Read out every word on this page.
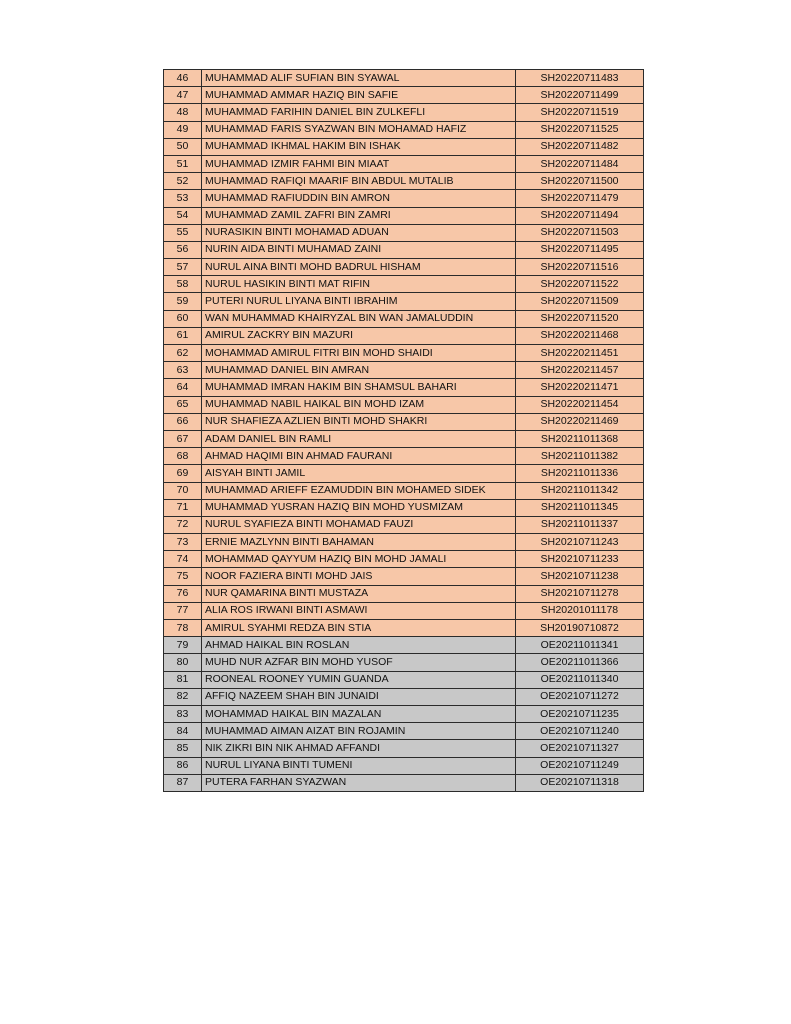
46	MUHAMMAD ALIF SUFIAN BIN SYAWAL	SH20220711483
47	MUHAMMAD AMMAR HAZIQ BIN SAFIE	SH20220711499
48	MUHAMMAD FARIHIN DANIEL BIN ZULKEFLI	SH20220711519
49	MUHAMMAD FARIS SYAZWAN BIN MOHAMAD HAFIZ	SH20220711525
50	MUHAMMAD IKHMAL HAKIM BIN ISHAK	SH20220711482
51	MUHAMMAD IZMIR FAHMI BIN MIAAT	SH20220711484
52	MUHAMMAD RAFIQI MAARIF BIN ABDUL MUTALIB	SH20220711500
53	MUHAMMAD RAFIUDDIN BIN AMRON	SH20220711479
54	MUHAMMAD ZAMIL ZAFRI BIN ZAMRI	SH20220711494
55	NURASIKIN BINTI MOHAMAD ADUAN	SH20220711503
56	NURIN AIDA BINTI MUHAMAD ZAINI	SH20220711495
57	NURUL AINA BINTI MOHD BADRUL HISHAM	SH20220711516
58	NURUL HASIKIN BINTI MAT RIFIN	SH20220711522
59	PUTERI NURUL LIYANA BINTI IBRAHIM	SH20220711509
60	WAN MUHAMMAD KHAIRYZAL BIN WAN JAMALUDDIN	SH20220711520
61	AMIRUL ZACKRY BIN MAZURI	SH20220211468
62	MOHAMMAD AMIRUL FITRI BIN MOHD SHAIDI	SH20220211451
63	MUHAMMAD DANIEL BIN AMRAN	SH20220211457
64	MUHAMMAD IMRAN HAKIM BIN SHAMSUL BAHARI	SH20220211471
65	MUHAMMAD NABIL HAIKAL BIN MOHD IZAM	SH20220211454
66	NUR SHAFIEZA AZLIEN BINTI MOHD SHAKRI	SH20220211469
67	ADAM DANIEL BIN RAMLI	SH20211011368
68	AHMAD HAQIMI BIN AHMAD FAURANI	SH20211011382
69	AISYAH BINTI JAMIL	SH20211011336
70	MUHAMMAD ARIEFF EZAMUDDIN BIN MOHAMED SIDEK	SH20211011342
71	MUHAMMAD YUSRAN HAZIQ BIN MOHD YUSMIZAM	SH20211011345
72	NURUL SYAFIEZA BINTI MOHAMAD FAUZI	SH20211011337
73	ERNIE MAZLYNN BINTI BAHAMAN	SH20210711243
74	MOHAMMAD QAYYUM HAZIQ BIN MOHD JAMALI	SH20210711233
75	NOOR FAZIERA BINTI MOHD JAIS	SH20210711238
76	NUR QAMARINA BINTI MUSTAZA	SH20210711278
77	ALIA ROS IRWANI BINTI ASMAWI	SH20201011178
78	AMIRUL SYAHMI REDZA BIN STIA	SH20190710872
79	AHMAD HAIKAL BIN ROSLAN	OE20211011341
80	MUHD NUR AZFAR BIN MOHD YUSOF	OE20211011366
81	ROONEAL ROONEY YUMIN GUANDA	OE20211011340
82	AFFIQ NAZEEM SHAH BIN JUNAIDI	OE20210711272
83	MOHAMMAD HAIKAL BIN MAZALAN	OE20210711235
84	MUHAMMAD AIMAN AIZAT BIN ROJAMIN	OE20210711240
85	NIK ZIKRI BIN NIK AHMAD AFFANDI	OE20210711327
86	NURUL LIYANA BINTI TUMENI	OE20210711249
87	PUTERA FARHAN SYAZWAN	OE20210711318
